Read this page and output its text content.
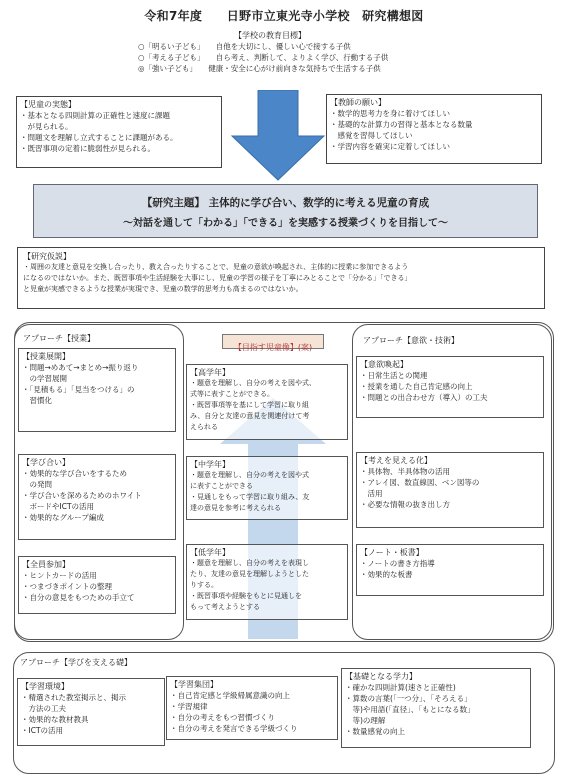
令和7年度　　日野市立東光寺小学校　研究構想図
【学校の教育目標】
○「明るい子ども」　　自他を大切にし、優しい心で接する子供
○「考える子ども」　　自ら考え、判断して、よりよく学び、行動する子供
◎「強い子ども」　　健康・安全に心がけ前向きな気持ちで生活する子供
【児童の実態】
・基本となる四則計算の正確性と速度に課題
　が見られる。
・問題文を理解し立式することに課題がある。
・既習事項の定着に脆弱性が見られる。
【教師の願い】
・数学的思考力を身に着けてほしい
・基礎的な計算力の習得と基本となる数量
　感覚を習得してほしい
・学習内容を確実に定着してほしい
【研究主題】 主体的に学び合い、数学的に考える児童の育成
～対話を通して「わかる」「できる」を実感する授業づくりを目指して～
【研究仮説】
・周囲の友達と意見を交換し合ったり、教え合ったりすることで、児童の意欲が喚起され、主体的に授業に参加できるよう
になるのではないか。また、既習事項や生活経験を大事にし、児童の学習の様子を丁寧にみとることで「分かる」「できる」
と児童が実感できるような授業が実現でき、児童の数学的思考力も高まるのではないか。
アプローチ【授業】
【授業展開】
・問題→めあて→まとめ→振り返り
　の学習展開
・「見積もる」「見当をつける」の
　習慣化
【学び合い】
・効果的な学び合いをするため
　の発問
・学び合いを深めるためのホワイト
　ボードやICTの活用
・効果的なグループ編成
【全員参加】
・ヒントカードの活用
・つまづきポイントの整理
・自分の意見をもつための手立て
アプローチ【意欲・技術】
【意欲喚起】
・日常生活との関連
・授業を通した自己肯定感の向上
・問題との出合わせ方（導入）の工夫
【考えを見える化】
・具体物、半具体物の活用
・アレイ図、数直線図、ベン図等の
　活用
・必要な情報の抜き出し方
【ノート・板書】
・ノートの書き方指導
・効果的な板書
【目指す児童像】(案)
【高学年】
・題意を理解し、自分の考えを図や式、
式等に表すことができる。
・既習事項等を基にして学習に取り組
み、自分と友達の意見を関連付けて考
えられる
【中学年】
・題意を理解し、自分の考えを図や式
に表すことができる
・見通しをもって学習に取り組み、友
達の意見を参考に考えられる
【低学年】
・題意を理解し、自分の考えを表現し
たり、友達の意見を理解しようとした
りする。
・既習事項や経験をもとに見通しを
もって考えようとする
アプローチ【学びを支える礎】
【学習環境】
・精選された教室掲示と、掲示
　方法の工夫
・効果的な教材教具
・ICTの活用
【学習集団】
・自己肯定感と学級帰属意識の向上
・学習規律
・自分の考えをもつ習慣づくり
・自分の考えを発言できる学級づくり
【基礎となる学力】
・確かな四則計算(速さと正確性)
・算数の言葉(「一つ分」、「そろえる」
　等)や用語(「直径」、「もとになる数」
　等)の理解
・数量感覚の向上
